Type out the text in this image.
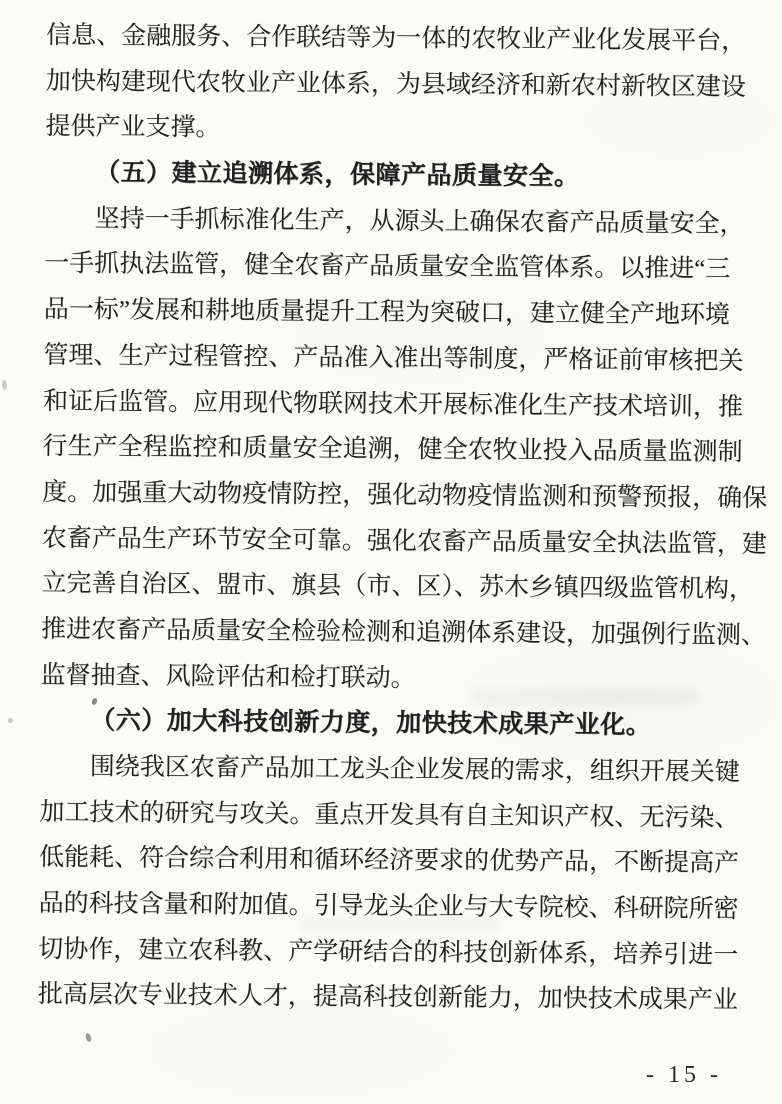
信息、金融服务、合作联结等为一体的农牧业产业化发展平台，
加快构建现代农牧业产业体系，为县域经济和新农村新牧区建设
提供产业支撑。
（五）建立追溯体系，保障产品质量安全。
坚持一手抓标准化生产，从源头上确保农畜产品质量安全，
一手抓执法监管，健全农畜产品质量安全监管体系。以推进“三
品一标”发展和耕地质量提升工程为突破口，建立健全产地环境
管理、生产过程管控、产品准入准出等制度，严格证前审核把关
和证后监管。应用现代物联网技术开展标准化生产技术培训，推
行生产全程监控和质量安全追溯，健全农牧业投入品质量监测制
度。加强重大动物疫情防控，强化动物疫情监测和预警预报，确保
农畜产品生产环节安全可靠。强化农畜产品质量安全执法监管，建
立完善自治区、盟市、旗县（市、区）、苏木乡镇四级监管机构，
推进农畜产品质量安全检验检测和追溯体系建设，加强例行监测、
监督抽查、风险评估和检打联动。
（六）加大科技创新力度，加快技术成果产业化。
围绕我区农畜产品加工龙头企业发展的需求，组织开展关键
加工技术的研究与攻关。重点开发具有自主知识产权、无污染、
低能耗、符合综合利用和循环经济要求的优势产品，不断提高产
品的科技含量和附加值。引导龙头企业与大专院校、科研院所密
切协作，建立农科教、产学研结合的科技创新体系，培养引进一
批高层次专业技术人才，提高科技创新能力，加快技术成果产业
- 15 -
